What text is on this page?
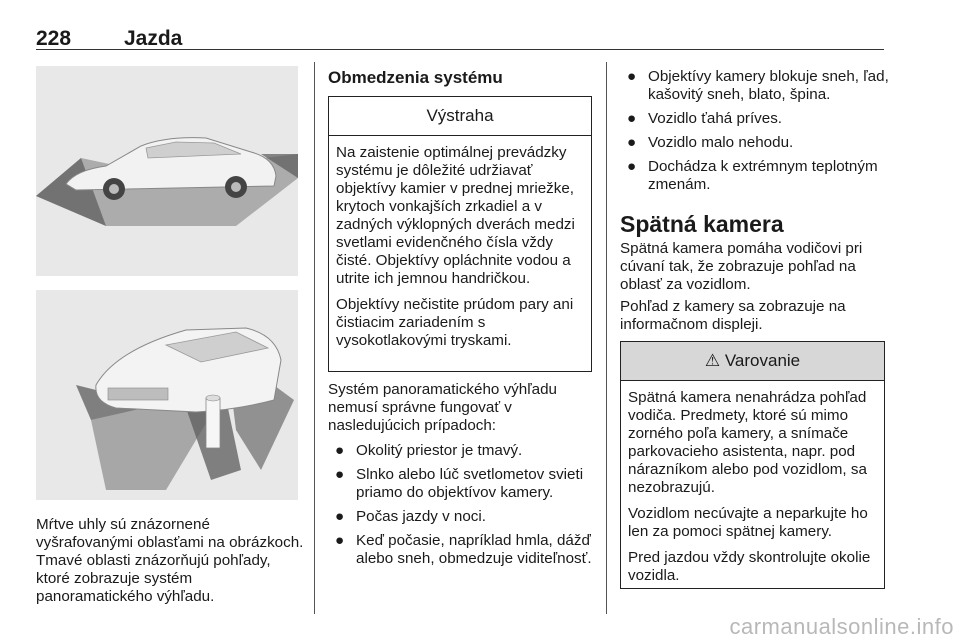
228	Jazda

Mŕtve uhly sú znázornené vyšrafovanými oblasťami na obrázkoch. Tmavé oblasti znázorňujú pohľady, ktoré zobrazuje systém panoramatického výhľadu.

Obmedzenia systému
Výstraha

Na zaistenie optimálnej prevádzky systému je dôležité udržiavať objektívy kamier v prednej mriežke, krytoch vonkajších zrkadiel a v zadných výklopných dverách medzi svetlami evidenčného čísla vždy čisté. Objektívy opláchnite vodou a utrite ich jemnou handričkou.

Objektívy nečistite prúdom pary ani čistiacim zariadením s vysokotlakovými tryskami.

Systém panoramatického výhľadu nemusí správne fungovať v nasledujúcich prípadoch:

● Okolitý priestor je tmavý.
● Slnko alebo lúč svetlometov svieti priamo do objektívov kamery.
● Počas jazdy v noci.
● Keď počasie, napríklad hmla, dážď alebo sneh, obmedzuje viditeľnosť.
● Objektívy kamery blokuje sneh, ľad, kašovitý sneh, blato, špina.
● Vozidlo ťahá príves.
● Vozidlo malo nehodu.
● Dochádza k extrémnym teplotným zmenám.
Spätná kamera

Spätná kamera pomáha vodičovi pri cúvaní tak, že zobrazuje pohľad na oblasť za vozidlom.

Pohľad z kamery sa zobrazuje na informačnom displeji.

⚠ Varovanie

Spätná kamera nenahrádza pohľad vodiča. Predmety, ktoré sú mimo zorného poľa kamery, a snímače parkovacieho asistenta, napr. pod nárazníkom alebo pod vozidlom, sa nezobrazujú.

Vozidlom necúvajte a neparkujte ho len za pomoci spätnej kamery.

Pred jazdou vždy skontrolujte okolie vozidla.

carmanualsonline.info
